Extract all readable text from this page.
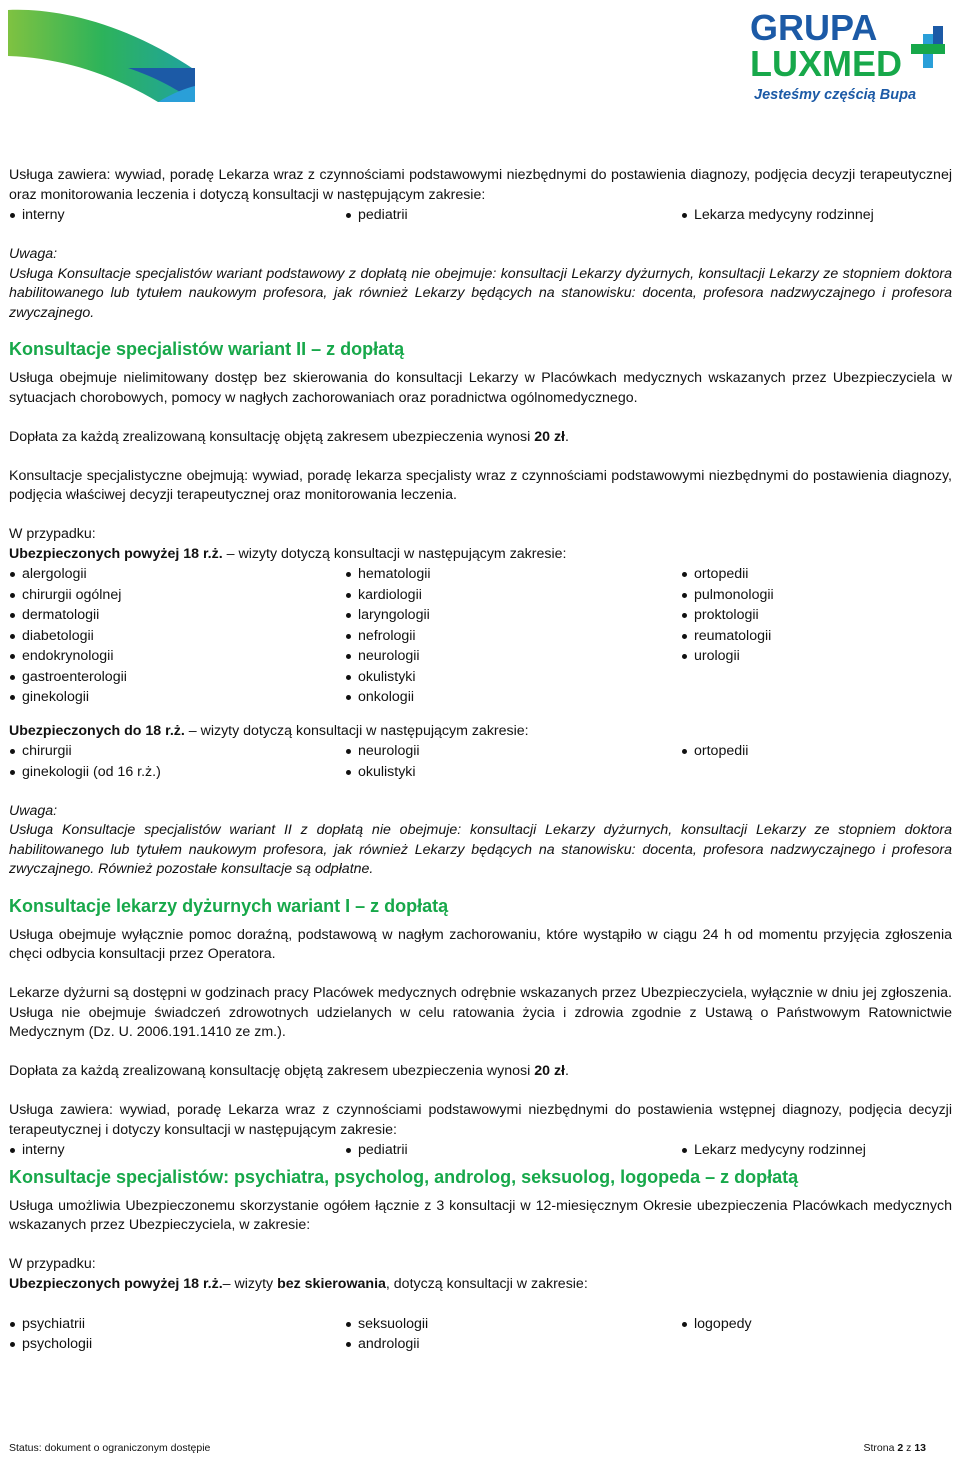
GRUPA
LUXMED
Jesteśmy częścią Bupa

Usługa zawiera: wywiad, poradę Lekarza wraz z czynnościami podstawowymi niezbędnymi do postawienia diagnozy, podjęcia decyzji terapeutycznej oraz monitorowania leczenia i dotyczą konsultacji w następującym zakresie:

interny	pediatrii	Lekarza medycyny rodzinnej

Uwaga:

Usługa Konsultacje specjalistów wariant podstawowy z dopłatą nie obejmuje: konsultacji Lekarzy dyżurnych, konsultacji Lekarzy ze stopniem doktora habilitowanego lub tytułem naukowym profesora, jak również Lekarzy będących na stanowisku: docenta, profesora nadzwyczajnego i profesora zwyczajnego.

Konsultacje specjalistów wariant II – z dopłatą

Usługa obejmuje nielimitowany dostęp bez skierowania do konsultacji Lekarzy w Placówkach medycznych wskazanych przez Ubezpieczyciela w sytuacjach chorobowych, pomocy w nagłych zachorowaniach oraz poradnictwa ogólnomedycznego.

Dopłata za każdą zrealizowaną konsultację objętą zakresem ubezpieczenia wynosi 20 zł.

Konsultacje specjalistyczne obejmują: wywiad, poradę lekarza specjalisty wraz z czynnościami podstawowymi niezbędnymi do postawienia diagnozy, podjęcia właściwej decyzji terapeutycznej oraz monitorowania leczenia.

W przypadku:

Ubezpieczonych powyżej 18 r.ż. – wizyty dotyczą konsultacji w następującym zakresie:

alergologii	hematologii	ortopedii
chirurgii ogólnej	kardiologii	pulmonologii
dermatologii	laryngologii	proktologii
diabetologii	nefrologii	reumatologii
endokrynologii	neurologii	urologii
gastroenterologii	okulistyki
ginekologii	onkologii

Ubezpieczonych do 18 r.ż. – wizyty dotyczą konsultacji w następującym zakresie:

chirurgii	neurologii	ortopedii
ginekologii (od 16 r.ż.)	okulistyki

Uwaga:

Usługa Konsultacje specjalistów wariant II z dopłatą nie obejmuje: konsultacji Lekarzy dyżurnych, konsultacji Lekarzy ze stopniem doktora habilitowanego lub tytułem naukowym profesora, jak również Lekarzy będących na stanowisku: docenta, profesora nadzwyczajnego i profesora zwyczajnego. Również pozostałe konsultacje są odpłatne.

Konsultacje lekarzy dyżurnych wariant I – z dopłatą

Usługa obejmuje wyłącznie pomoc doraźną, podstawową w nagłym zachorowaniu, które wystąpiło w ciągu 24 h od momentu przyjęcia zgłoszenia chęci odbycia konsultacji przez Operatora.

Lekarze dyżurni są dostępni w godzinach pracy Placówek medycznych odrębnie wskazanych przez Ubezpieczyciela, wyłącznie w dniu jej zgłoszenia. Usługa nie obejmuje świadczeń zdrowotnych udzielanych w celu ratowania życia i zdrowia zgodnie z Ustawą o Państwowym Ratownictwie Medycznym (Dz. U. 2006.191.1410 ze zm.).

Dopłata za każdą zrealizowaną konsultację objętą zakresem ubezpieczenia wynosi 20 zł.

Usługa zawiera: wywiad, poradę Lekarza wraz z czynnościami podstawowymi niezbędnymi do postawienia wstępnej diagnozy, podjęcia decyzji terapeutycznej i dotyczy konsultacji w następującym zakresie:

interny	pediatrii	Lekarz medycyny rodzinnej
Konsultacje specjalistów: psychiatra, psycholog, androlog, seksuolog, logopeda – z dopłatą

Usługa umożliwia Ubezpieczonemu skorzystanie ogółem łącznie z 3 konsultacji w 12-miesięcznym Okresie ubezpieczenia Placówkach medycznych wskazanych przez Ubezpieczyciela, w zakresie:

W przypadku:

Ubezpieczonych powyżej 18 r.ż.– wizyty bez skierowania, dotyczą konsultacji w zakresie:

psychiatrii	seksuologii	logopedy
psychologii	andrologii
Status: dokument o ograniczonym dostępie	Strona 2 z 13
